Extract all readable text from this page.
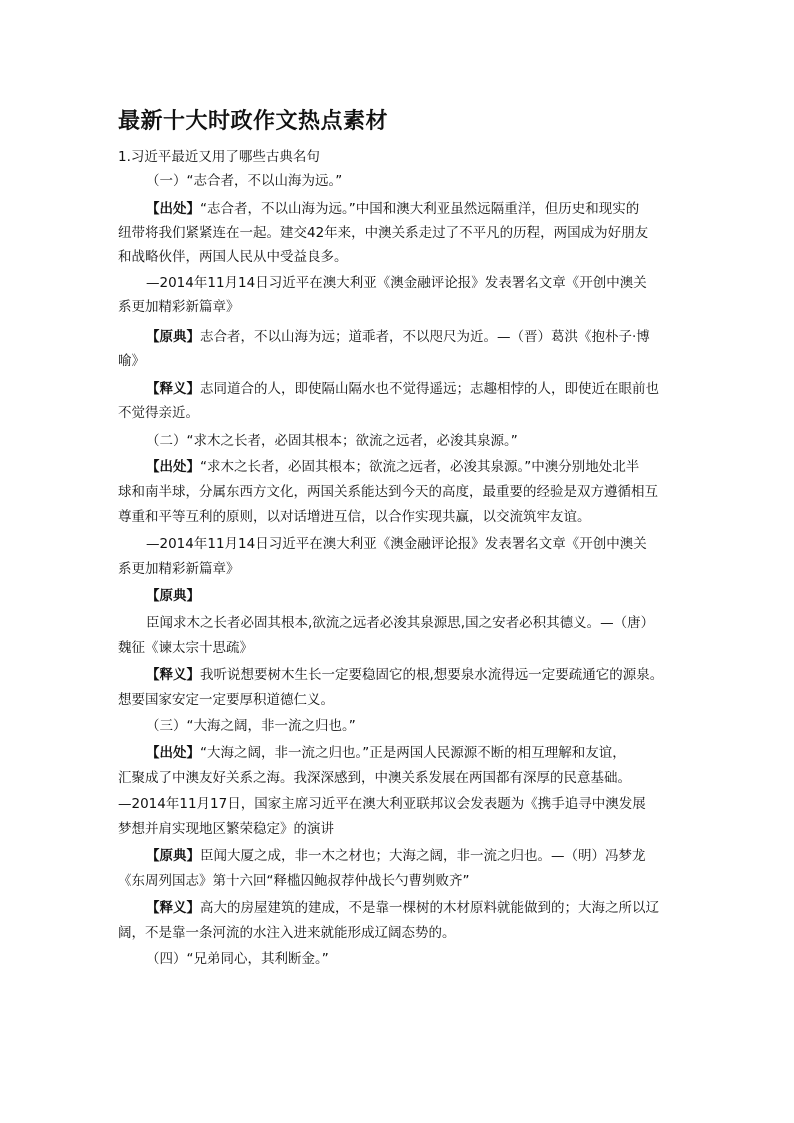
最新十大时政作文热点素材
1.习近平最近又用了哪些古典名句
（一）“志合者，不以山海为远。”
【出处】“志合者，不以山海为远。”中国和澳大利亚虽然远隔重洋，但历史和现实的
纽带将我们紧紧连在一起。建交42年来，中澳关系走过了不平凡的历程，两国成为好朋友
和战略伙伴，两国人民从中受益良多。
—2014年11月14日习近平在澳大利亚《澳金融评论报》发表署名文章《开创中澳关
系更加精彩新篇章》
【原典】志合者，不以山海为远；道乖者，不以咫尺为近。—（晋）葛洪《抱朴子·博
喻》
【释义】志同道合的人，即使隔山隔水也不觉得遥远；志趣相悖的人，即使近在眼前也
不觉得亲近。
（二）“求木之长者，必固其根本；欲流之远者，必浚其泉源。”
【出处】“求木之长者，必固其根本；欲流之远者，必浚其泉源。”中澳分别地处北半
球和南半球，分属东西方文化，两国关系能达到今天的高度，最重要的经验是双方遵循相互
尊重和平等互利的原则，以对话增进互信，以合作实现共赢，以交流筑牢友谊。
—2014年11月14日习近平在澳大利亚《澳金融评论报》发表署名文章《开创中澳关
系更加精彩新篇章》
【原典】
臣闻求木之长者必固其根本,欲流之远者必浚其泉源思,国之安者必积其德义。—（唐）
魏征《谏太宗十思疏》
【释义】我听说想要树木生长一定要稳固它的根,想要泉水流得远一定要疏通它的源泉。
想要国家安定一定要厚积道德仁义。
（三）“大海之阔，非一流之归也。”
【出处】“大海之阔，非一流之归也。”正是两国人民源源不断的相互理解和友谊，
汇聚成了中澳友好关系之海。我深深感到，中澳关系发展在两国都有深厚的民意基础。
—2014年11月17日，国家主席习近平在澳大利亚联邦议会发表题为《携手追寻中澳发展
梦想并肩实现地区繁荣稳定》的演讲
【原典】臣闻大厦之成，非一木之材也；大海之阔，非一流之归也。—（明）冯梦龙
《东周列国志》第十六回“释槛囚鲍叔荐仲战长勺曹刿败齐”
【释义】高大的房屋建筑的建成，不是靠一棵树的木材原料就能做到的；大海之所以辽
阔，不是靠一条河流的水注入进来就能形成辽阔态势的。
（四）“兄弟同心，其利断金。”
